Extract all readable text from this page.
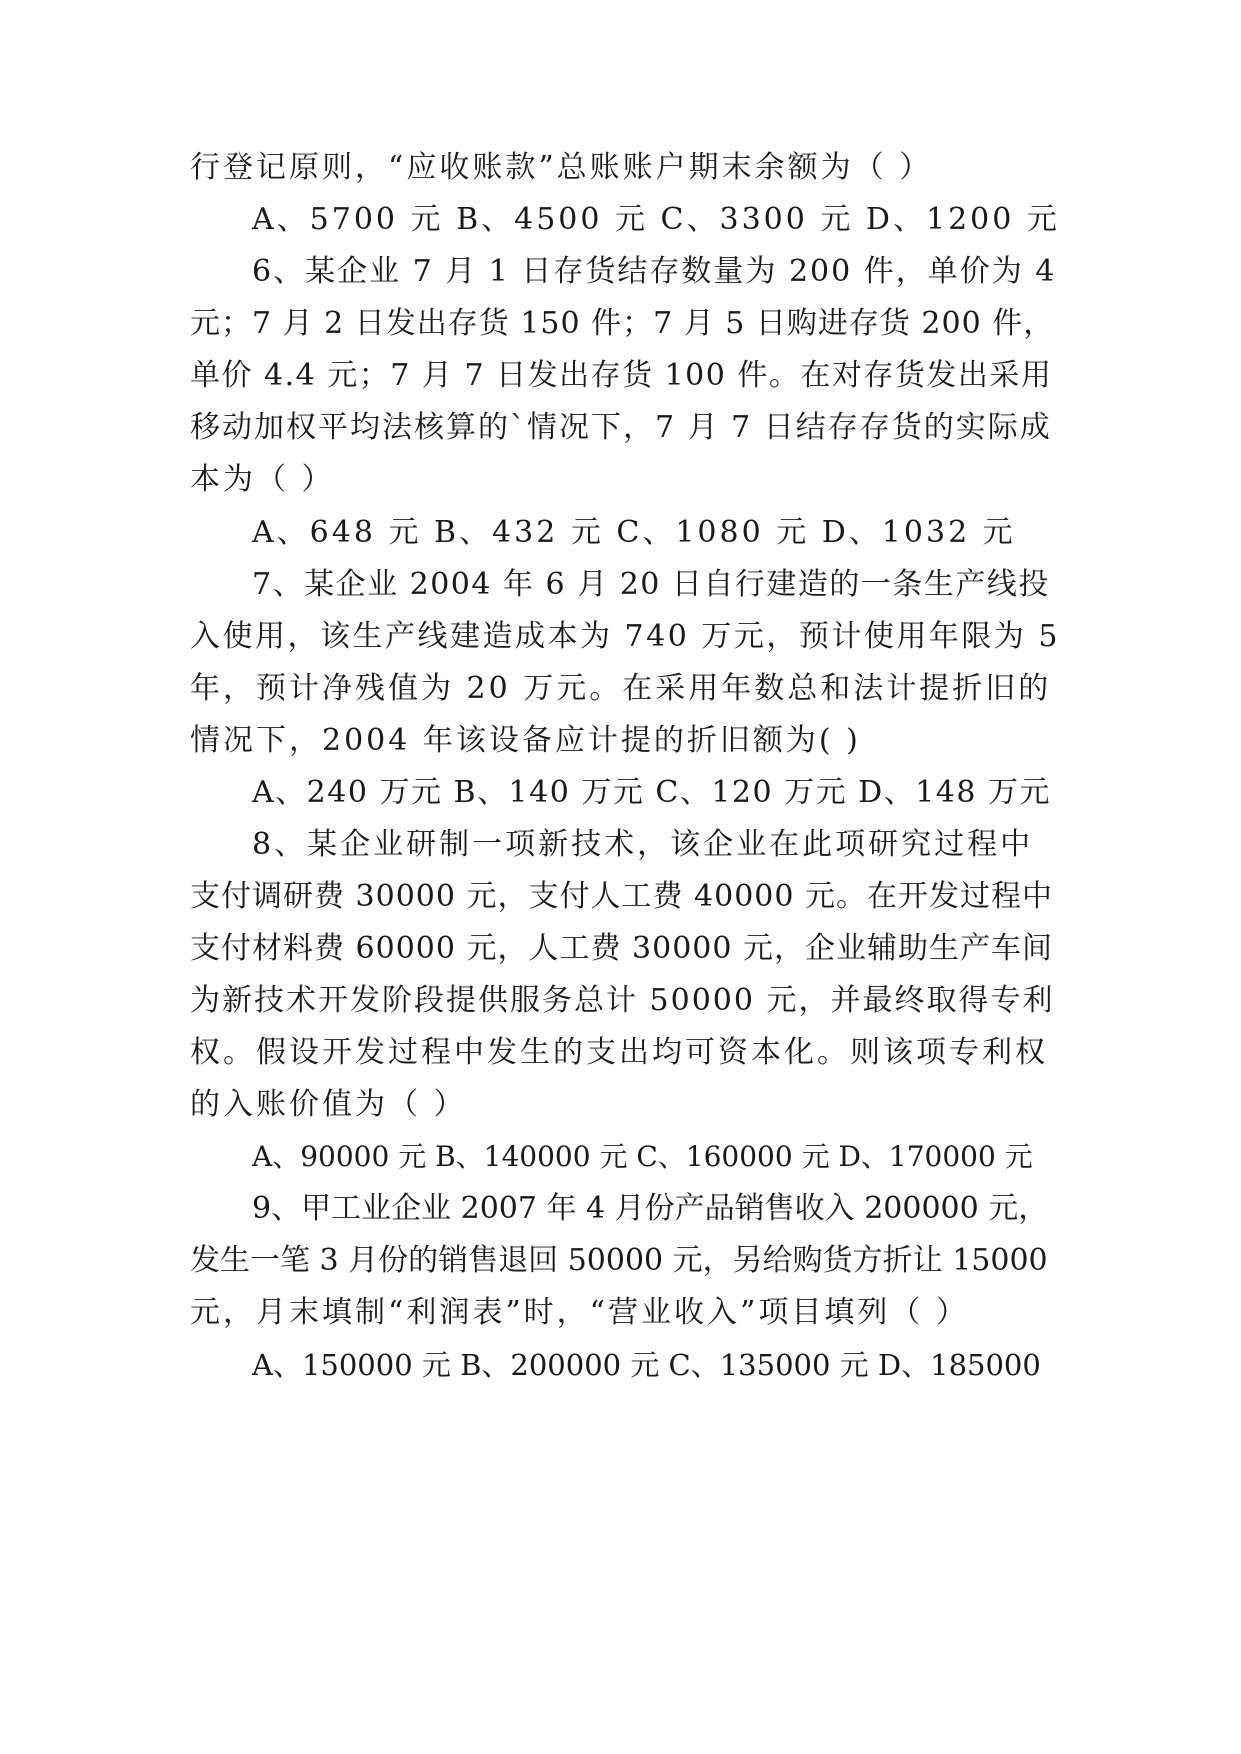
行登记原则，“应收账款”总账账户期末余额为（ ）
A、5700 元 B、4500 元 C、3300 元 D、1200 元
6、某企业 7 月 1 日存货结存数量为 200 件，单价为 4
元；7 月 2 日发出存货 150 件；7 月 5 日购进存货 200 件，
单价 4.4 元；7 月 7 日发出存货 100 件。在对存货发出采用
移动加权平均法核算的`情况下，7 月 7 日结存存货的实际成
本为（ ）
A、648 元 B、432 元 C、1080 元 D、1032 元
7、某企业 2004 年 6 月 20 日自行建造的一条生产线投
入使用，该生产线建造成本为 740 万元，预计使用年限为 5
年，预计净残值为 20 万元。在采用年数总和法计提折旧的
情况下，2004 年该设备应计提的折旧额为( )
A、240 万元 B、140 万元 C、120 万元 D、148 万元
8、某企业研制一项新技术，该企业在此项研究过程中
支付调研费 30000 元，支付人工费 40000 元。在开发过程中
支付材料费 60000 元，人工费 30000 元，企业辅助生产车间
为新技术开发阶段提供服务总计 50000 元，并最终取得专利
权。假设开发过程中发生的支出均可资本化。则该项专利权
的入账价值为（ ）
A、90000 元 B、140000 元 C、160000 元 D、170000 元
9、甲工业企业 2007 年 4 月份产品销售收入 200000 元，
发生一笔 3 月份的销售退回 50000 元，另给购货方折让 15000
元，月末填制“利润表”时，“营业收入”项目填列（ ）
A、150000 元 B、200000 元 C、135000 元 D、185000
